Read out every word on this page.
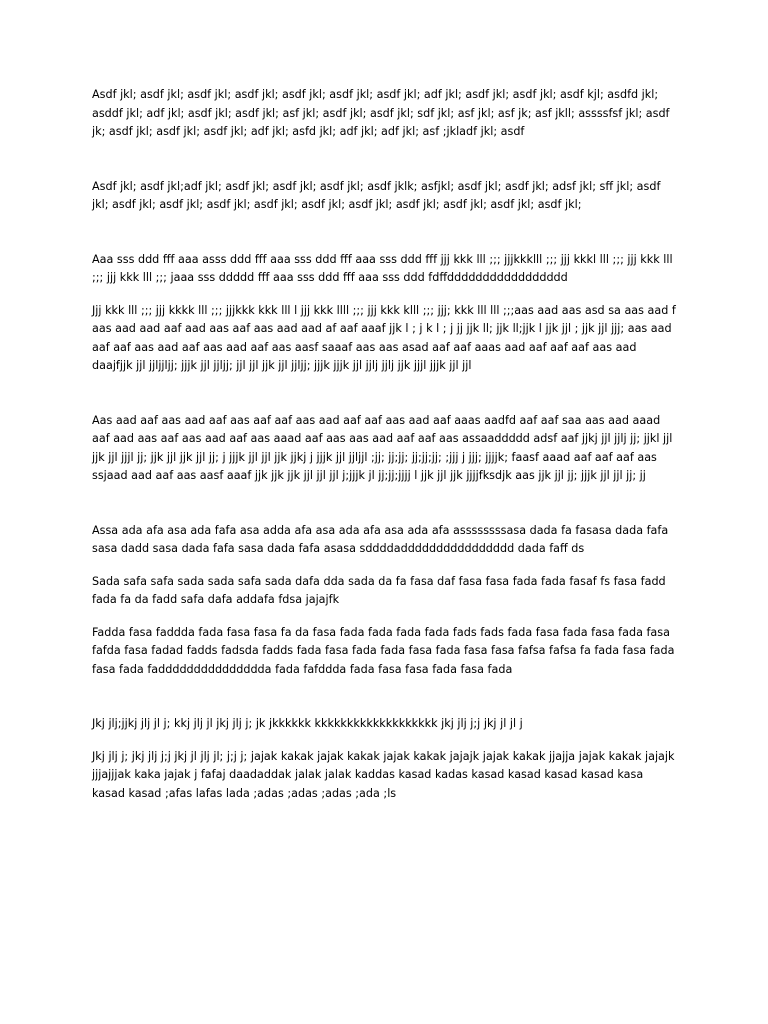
Asdf jkl; asdf jkl; asdf jkl; asdf jkl; asdf jkl; asdf jkl; asdf jkl; adf jkl; asdf jkl; asdf jkl; asdf kjl; asdfd jkl; asddf jkl; adf jkl; asdf jkl; asdf jkl; asf jkl; asdf jkl; asdf jkl; sdf jkl; asf jkl; asf jk; asf jkll; assssfsf jkl; asdf jk; asdf jkl; asdf jkl; asdf jkl; adf jkl; asfd jkl; adf jkl; adf jkl; asf ;jkladf jkl; asdf

Asdf jkl; asdf jkl;adf jkl; asdf jkl; asdf jkl; asdf jkl; asdf jklk; asfjkl; asdf jkl; asdf jkl; adsf jkl; sff jkl; asdf jkl; asdf jkl; asdf jkl; asdf jkl; asdf jkl; asdf jkl; asdf jkl; asdf jkl; asdf jkl; asdf jkl; asdf jkl;

Aaa sss ddd fff aaa asss ddd fff aaa sss ddd fff aaa sss ddd fff jjj kkk lll ;;; jjjkkklll ;;; jjj kkkl lll ;;; jjj kkk lll ;;; jjj kkk lll ;;; jaaa sss ddddd fff aaa sss ddd fff aaa sss ddd fdffddddddddddddddddd

Jjj kkk lll ;;; jjj kkkk lll ;;; jjjkkk kkk lll l jjj kkk llll ;;; jjj kkk klll ;;; jjj; kkk lll lll ;;;aas aad aas asd sa aas aad f aas aad aad aaf aad aas aaf aas aad aad af aaf aaaf jjk l ; j k l ; j jj jjk ll; jjk ll;jjk l jjk jjl ; jjk jjl jjj; aas aad aaf aaf aas aad aaf aas aad aaf aas aasf saaaf aas aas asad aaf aaf aaas aad aaf aaf aaf aas aad daajfjjk jjl jjljjljj; jjjk jjl jjljj; jjl jjl jjk jjl jjljj; jjjk jjjk jjl jjlj jjlj jjk jjjl jjjk jjl jjl

Aas aad aaf aas aad aaf aas aaf aaf aas aad aaf aaf aas aad aaf aaas aadfd aaf aaf saa aas aad aaad aaf aad aas aaf aas aad aaf aas aaad aaf aas aas aad aaf aaf aas assaaddddd adsf aaf jjkj jjl jjlj jj; jjkl jjl jjk jjl jjjl jj; jjk jjl jjk jjl jj; j jjjk jjl jjl jjk jjkj j jjjk jjl jjljjl ;jj; jj;jj; jj;jj;jj; ;jjj j jjj; jjjjk; faasf aaad aaf aaf aaf aas ssjaad aad aaf aas aasf aaaf jjk jjk jjk jjl jjl jjl j;jjjk jl jj;jj;jjjj l jjk jjl jjk jjjjfksdjk aas jjk jjl jj; jjjk jjl jjl jj; jj

Assa ada afa asa ada fafa asa adda afa asa ada afa asa ada afa assssssssasa dada fa fasasa dada fafa sasa dadd sasa dada fafa sasa dada fafa asasa sddddadddddddddddddddd dada faff ds

Sada safa safa sada sada safa sada dafa dda sada da fa fasa daf fasa fasa fada fada fasaf fs fasa fadd fada fa da fadd safa dafa addafa fdsa jajajfk

Fadda fasa faddda fada fasa fasa fa da fasa fada fada fada fada fads fads fada fasa fada fasa fada fasa fafda fasa fadad fadds fadsda fadds fada fasa fada fada fasa fada fasa fasa fafsa fafsa fa fada fasa fada fasa fada faddddddddddddddda fada fafddda fada fasa fasa fada fasa fada

Jkj jlj;jjkj jlj jl j; kkj jlj jl jkj jlj j; jk jkkkkkk kkkkkkkkkkkkkkkkkkk jkj jlj j;j jkj jl jl j

Jkj jlj j; jkj jlj j;j jkj jl jlj jl; j;j j; jajak kakak jajak kakak jajak kakak jajajk jajak kakak jjajja jajak kakak jajajk jjjajjjak kaka jajak j fafaj daadaddak jalak jalak kaddas kasad kadas kasad kasad kasad kasad kasa kasad kasad ;afas lafas lada ;adas ;adas ;adas ;ada ;ls
